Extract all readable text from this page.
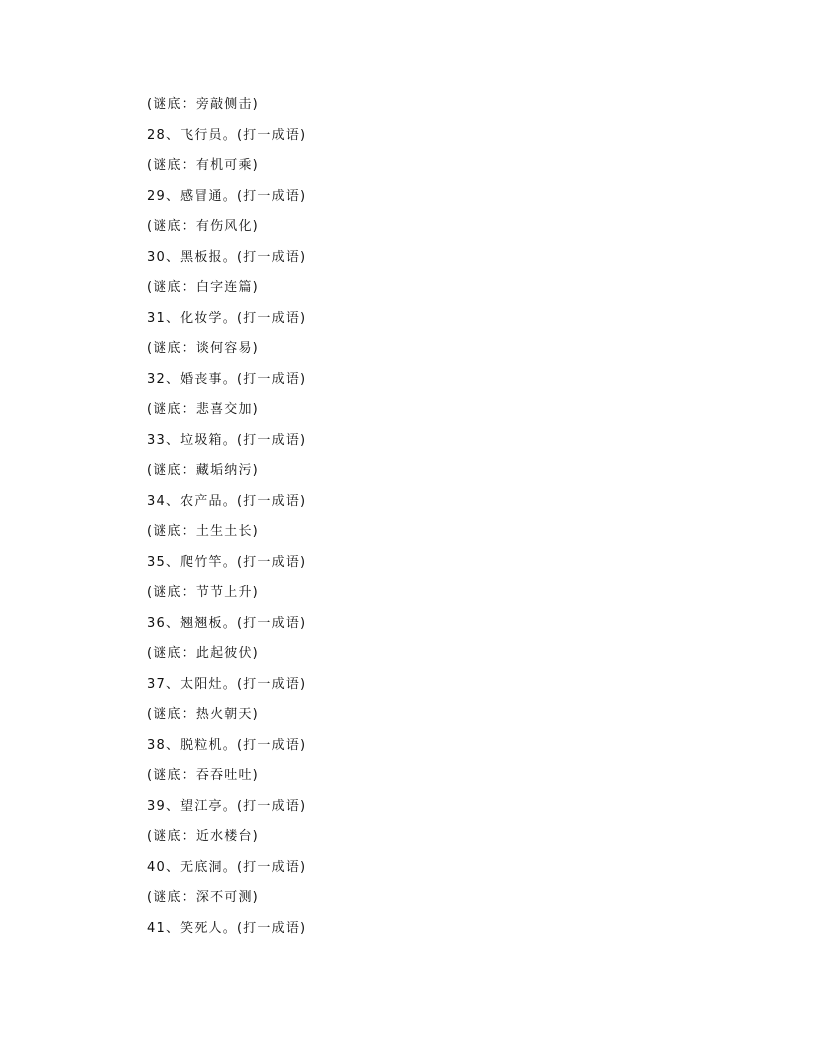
(谜底：旁敲侧击)
28、飞行员。(打一成语)
(谜底：有机可乘)
29、感冒通。(打一成语)
(谜底：有伤风化)
30、黑板报。(打一成语)
(谜底：白字连篇)
31、化妆学。(打一成语)
(谜底：谈何容易)
32、婚丧事。(打一成语)
(谜底：悲喜交加)
33、垃圾箱。(打一成语)
(谜底：藏垢纳污)
34、农产品。(打一成语)
(谜底：土生土长)
35、爬竹竿。(打一成语)
(谜底：节节上升)
36、翘翘板。(打一成语)
(谜底：此起彼伏)
37、太阳灶。(打一成语)
(谜底：热火朝天)
38、脱粒机。(打一成语)
(谜底：吞吞吐吐)
39、望江亭。(打一成语)
(谜底：近水楼台)
40、无底洞。(打一成语)
(谜底：深不可测)
41、笑死人。(打一成语)
